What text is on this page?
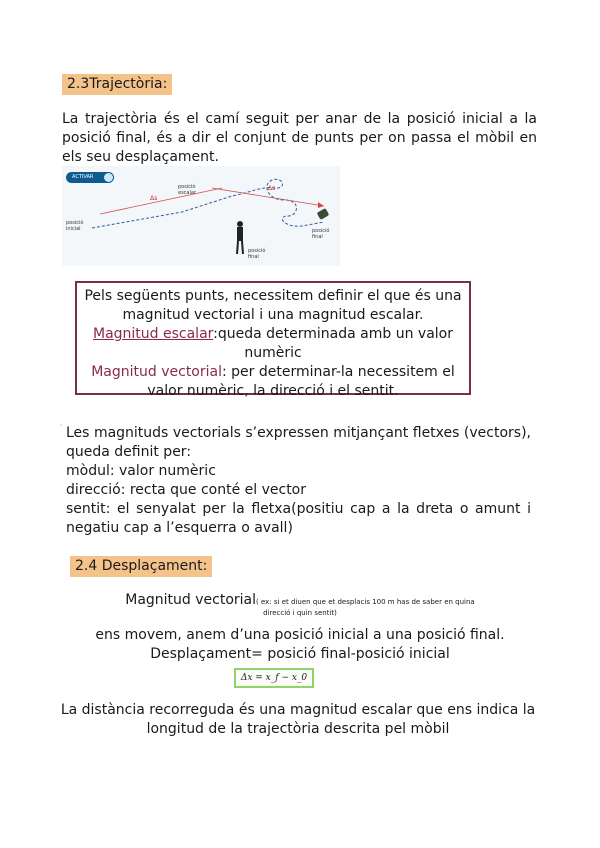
2.3Trajectòria:
La trajectòria és el camí seguit per anar de la posició inicial a la
posició final, és a dir el conjunt de punts per on passa el mòbil en
els seu desplaçament.
ACTIVAR
posició
inicial
posició
escalar
posició
final
posició
final
Δs
Δs
Pels següents punts, necessitem definir el que és una
magnitud vectorial i una magnitud escalar.
Magnitud escalar:queda determinada amb un valor
numèric
Magnitud vectorial: per determinar-la necessitem el
valor numèric, la direcció i el sentit.
· Les magnituds vectorials s’expressen mitjançant fletxes (vectors),
queda definit per:
mòdul: valor numèric
direcció: recta que conté el vector
sentit: el senyalat per la fletxa(positiu cap a la dreta o amunt i
negatiu cap a l’esquerra o avall)
2.4 Desplaçament:
Magnitud vectorial( ex: si et diuen que et desplacis 100 m has de saber en quina
direcció i quin sentit)
ens movem, anem d’una posició inicial a una posició final.
Desplaçament= posició final-posició inicial
Δx = x_f − x_0
La distància recorreguda és una magnitud escalar que ens indica la
longitud de la trajectòria descrita pel mòbil
